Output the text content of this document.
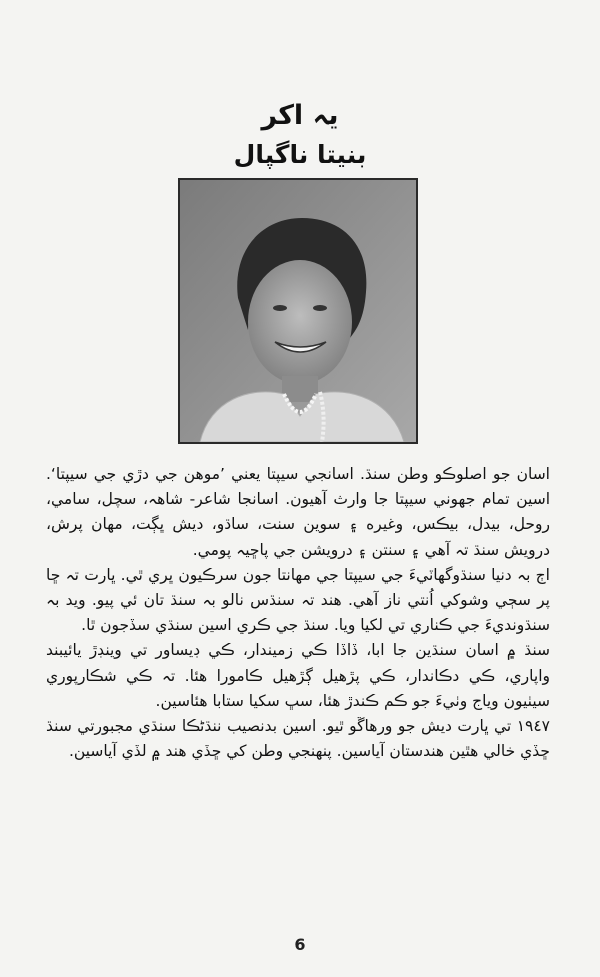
يہ اکر
بنيتا ناگپال

اسان جو اصلوڪو وطن سنڌ. اسانجي سيپتا يعني ’موهن جي دڙي جي سيپتا‘. اسين تمام جهوني سيپتا جا وارث آهيون. اسانجا شاعر- شاهہ، سچل، سامي، روحل، بيدل، بيڪس، وغيره ۽ سوين سنت، ساڌو، ديش ڀڳت، مهان پرش، درويش سنڌ تہ آهي ۽ سنتن ۽ درويشن جي پاڇيہ پومي.

اڄ بہ دنيا سنڌوگهاٽيءَ جي سيپتا جي مهانتا جون سرڪيون ڀري ٿي. ڀارت تہ ڇا پر سڄي وشوکي اُنتي ناز آهي. هند تہ سنڌس نالو بہ سنڌ تان ئي پيو. ويد بہ سنڌونديءَ جي ڪناري تي لکيا ويا. سنڌ جي ڪري اسين سنڌي سڏجون ٿا.

سنڌ ۾ اسان سنڌين جا ابا، ڏاڏا ڪي زميندار، ڪي ڊيساور تي وينڊڙ يائيبند واپاري، ڪي دڪاندار، ڪي پڙهيل ڳڙهيل ڪامورا هئا. تہ ڪي شڪارپوري سيٺيون وياج وٺيءَ جو ڪم ڪندڙ هئا، سڀ سکيا ستابا هئاسين.

١٩٤٧ تي ڀارت ديش جو ورهاڱو ٿيو. اسين بدنصيب ننڌڻڪا سنڌي مجبورتي سنڌ ڇڏي خالي هٿين هندستان آياسين. پنهنجي وطن کي ڇڏي هند ۾ لڏي آياسين.

6
